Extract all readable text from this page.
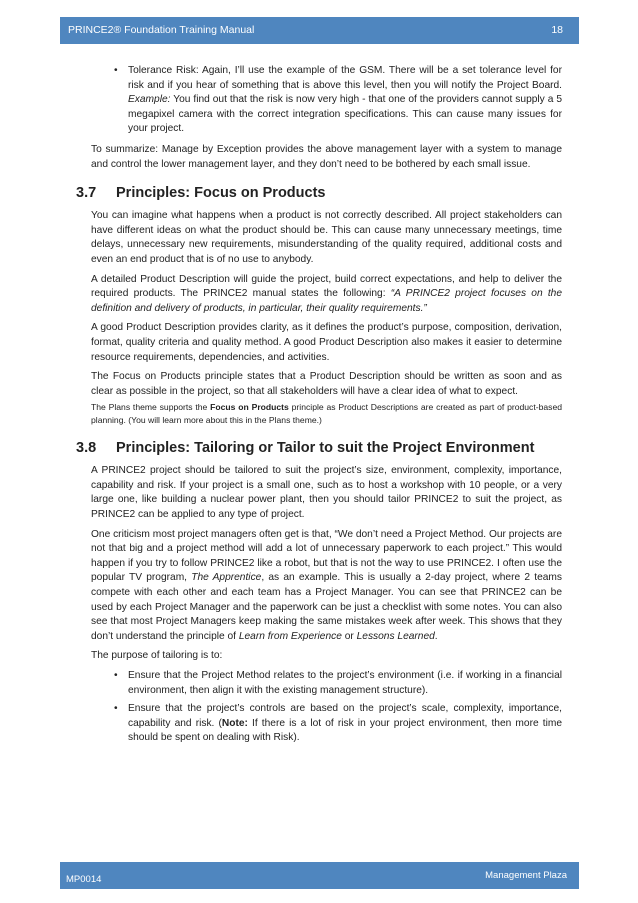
PRINCE2® Foundation Training Manual	18
• Tolerance Risk: Again, I’ll use the example of the GSM. There will be a set tolerance level for risk and if you hear of something that is above this level, then you will notify the Project Board. Example: You find out that the risk is now very high - that one of the providers cannot supply a 5 megapixel camera with the correct integration specifications. This can cause many issues for your project.

To summarize: Manage by Exception provides the above management layer with a system to manage and control the lower management layer, and they don’t need to be bothered by each small issue.

3.7 Principles: Focus on Products

You can imagine what happens when a product is not correctly described. All project stakeholders can have different ideas on what the product should be. This can cause many unnecessary meetings, time delays, unnecessary new requirements, misunderstanding of the quality required, additional costs and even an end product that is of no use to anybody.

A detailed Product Description will guide the project, build correct expectations, and help to deliver the required products. The PRINCE2 manual states the following: “A PRINCE2 project focuses on the definition and delivery of products, in particular, their quality requirements.”

A good Product Description provides clarity, as it defines the product’s purpose, composition, derivation, format, quality criteria and quality method. A good Product Description also makes it easier to determine resource requirements, dependencies, and activities.

The Focus on Products principle states that a Product Description should be written as soon and as clear as possible in the project, so that all stakeholders will have a clear idea of what to expect.

The Plans theme supports the Focus on Products principle as Product Descriptions are created as part of product-based planning. (You will learn more about this in the Plans theme.)

3.8 Principles: Tailoring or Tailor to suit the Project Environment

A PRINCE2 project should be tailored to suit the project’s size, environment, complexity, importance, capability and risk. If your project is a small one, such as to host a workshop with 10 people, or a very large one, like building a nuclear power plant, then you should tailor PRINCE2 to suit the project, as PRINCE2 can be applied to any type of project.

One criticism most project managers often get is that, “We don’t need a Project Method. Our projects are not that big and a project method will add a lot of unnecessary paperwork to each project.” This would happen if you try to follow PRINCE2 like a robot, but that is not the way to use PRINCE2. I often use the popular TV program, The Apprentice, as an example. This is usually a 2-day project, where 2 teams compete with each other and each team has a Project Manager. You can see that PRINCE2 can be used by each Project Manager and the paperwork can be just a checklist with some notes. You can also see that most Project Managers keep making the same mistakes week after week. This shows that they don’t understand the principle of Learn from Experience or Lessons Learned.

The purpose of tailoring is to:

• Ensure that the Project Method relates to the project’s environment (i.e. if working in a financial environment, then align it with the existing management structure).
• Ensure that the project’s controls are based on the project’s scale, complexity, importance, capability and risk. (Note: If there is a lot of risk in your project environment, then more time should be spent on dealing with Risk).
MP0014	Management Plaza
